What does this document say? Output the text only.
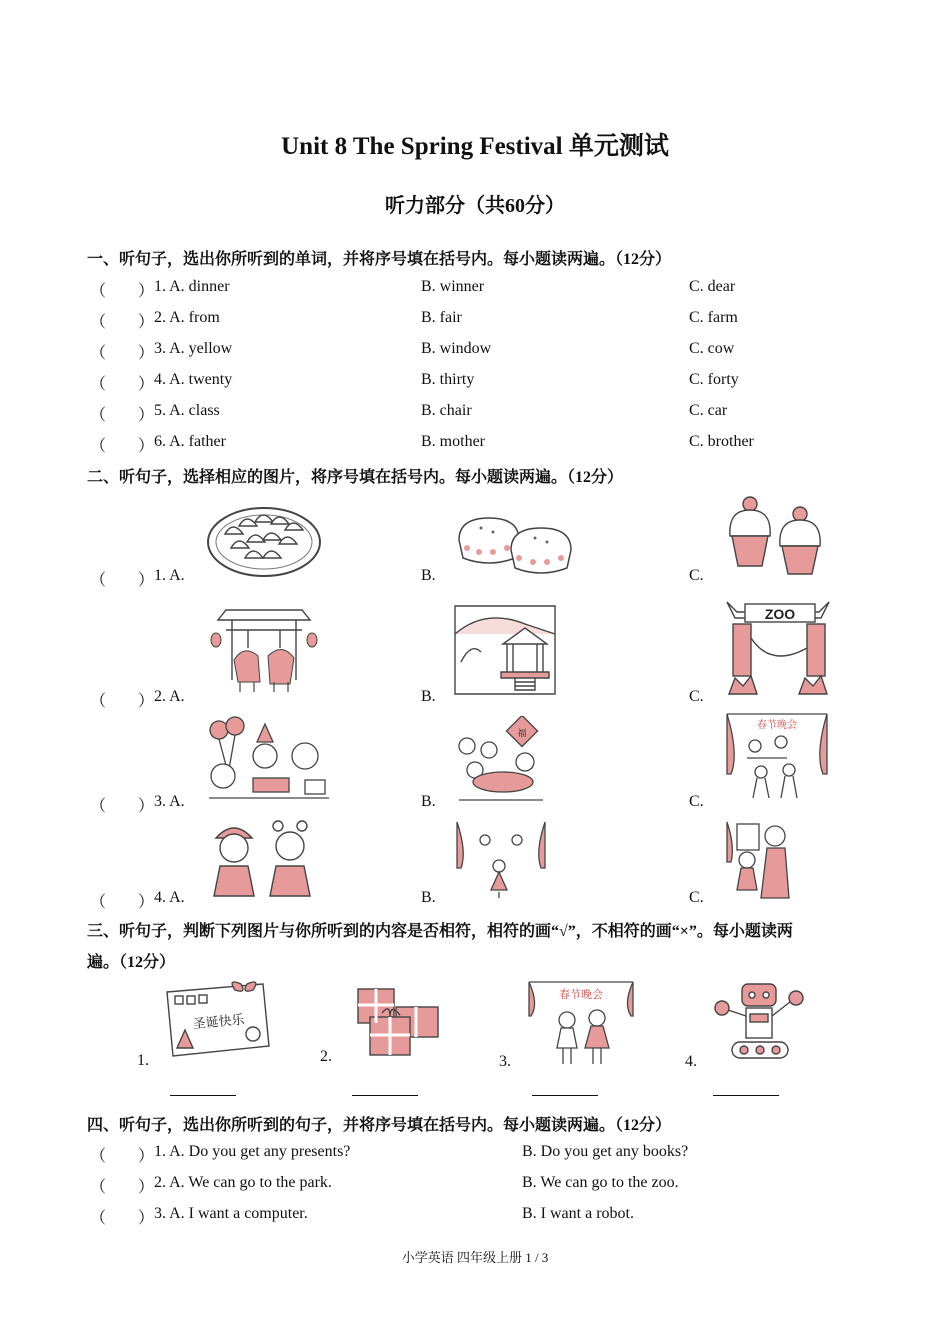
Unit 8 The Spring Festival 单元测试
听力部分（共60分）
一、听句子，选出你所听到的单词，并将序号填在括号内。每小题读两遍。（12分）
（　　） 1. A. dinner	B. winner	C. dear
（　　） 2. A. from	B. fair	C. farm
（　　） 3. A. yellow	B. window	C. cow
（　　） 4. A. twenty	B. thirty	C. forty
（　　） 5. A. class	B. chair	C. car
（　　） 6. A. father	B. mother	C. brother
二、听句子，选择相应的图片，将序号填在括号内。每小题读两遍。（12分）
（　　） 1. A.	B.	C.
（　　） 2. A.	B.	C.
ZOO
（　　） 3. A.	B.	C.
福
春节晚会
（　　） 4. A.	B.	C.
三、听句子，判断下列图片与你所听到的内容是否相符，相符的画“√”，不相符的画“×”。每小题读两
遍。（12分）
1.
圣诞快乐
2.	3.
春节晚会
4.
四、听句子，选出你所听到的句子，并将序号填在括号内。每小题读两遍。（12分）
（　　） 1. A. Do you get any presents?	B. Do you get any books?
（　　） 2. A. We can go to the park.	B. We can go to the zoo.
（　　） 3. A. I want a computer.	B. I want a robot.
小学英语 四年级上册 1 / 3
